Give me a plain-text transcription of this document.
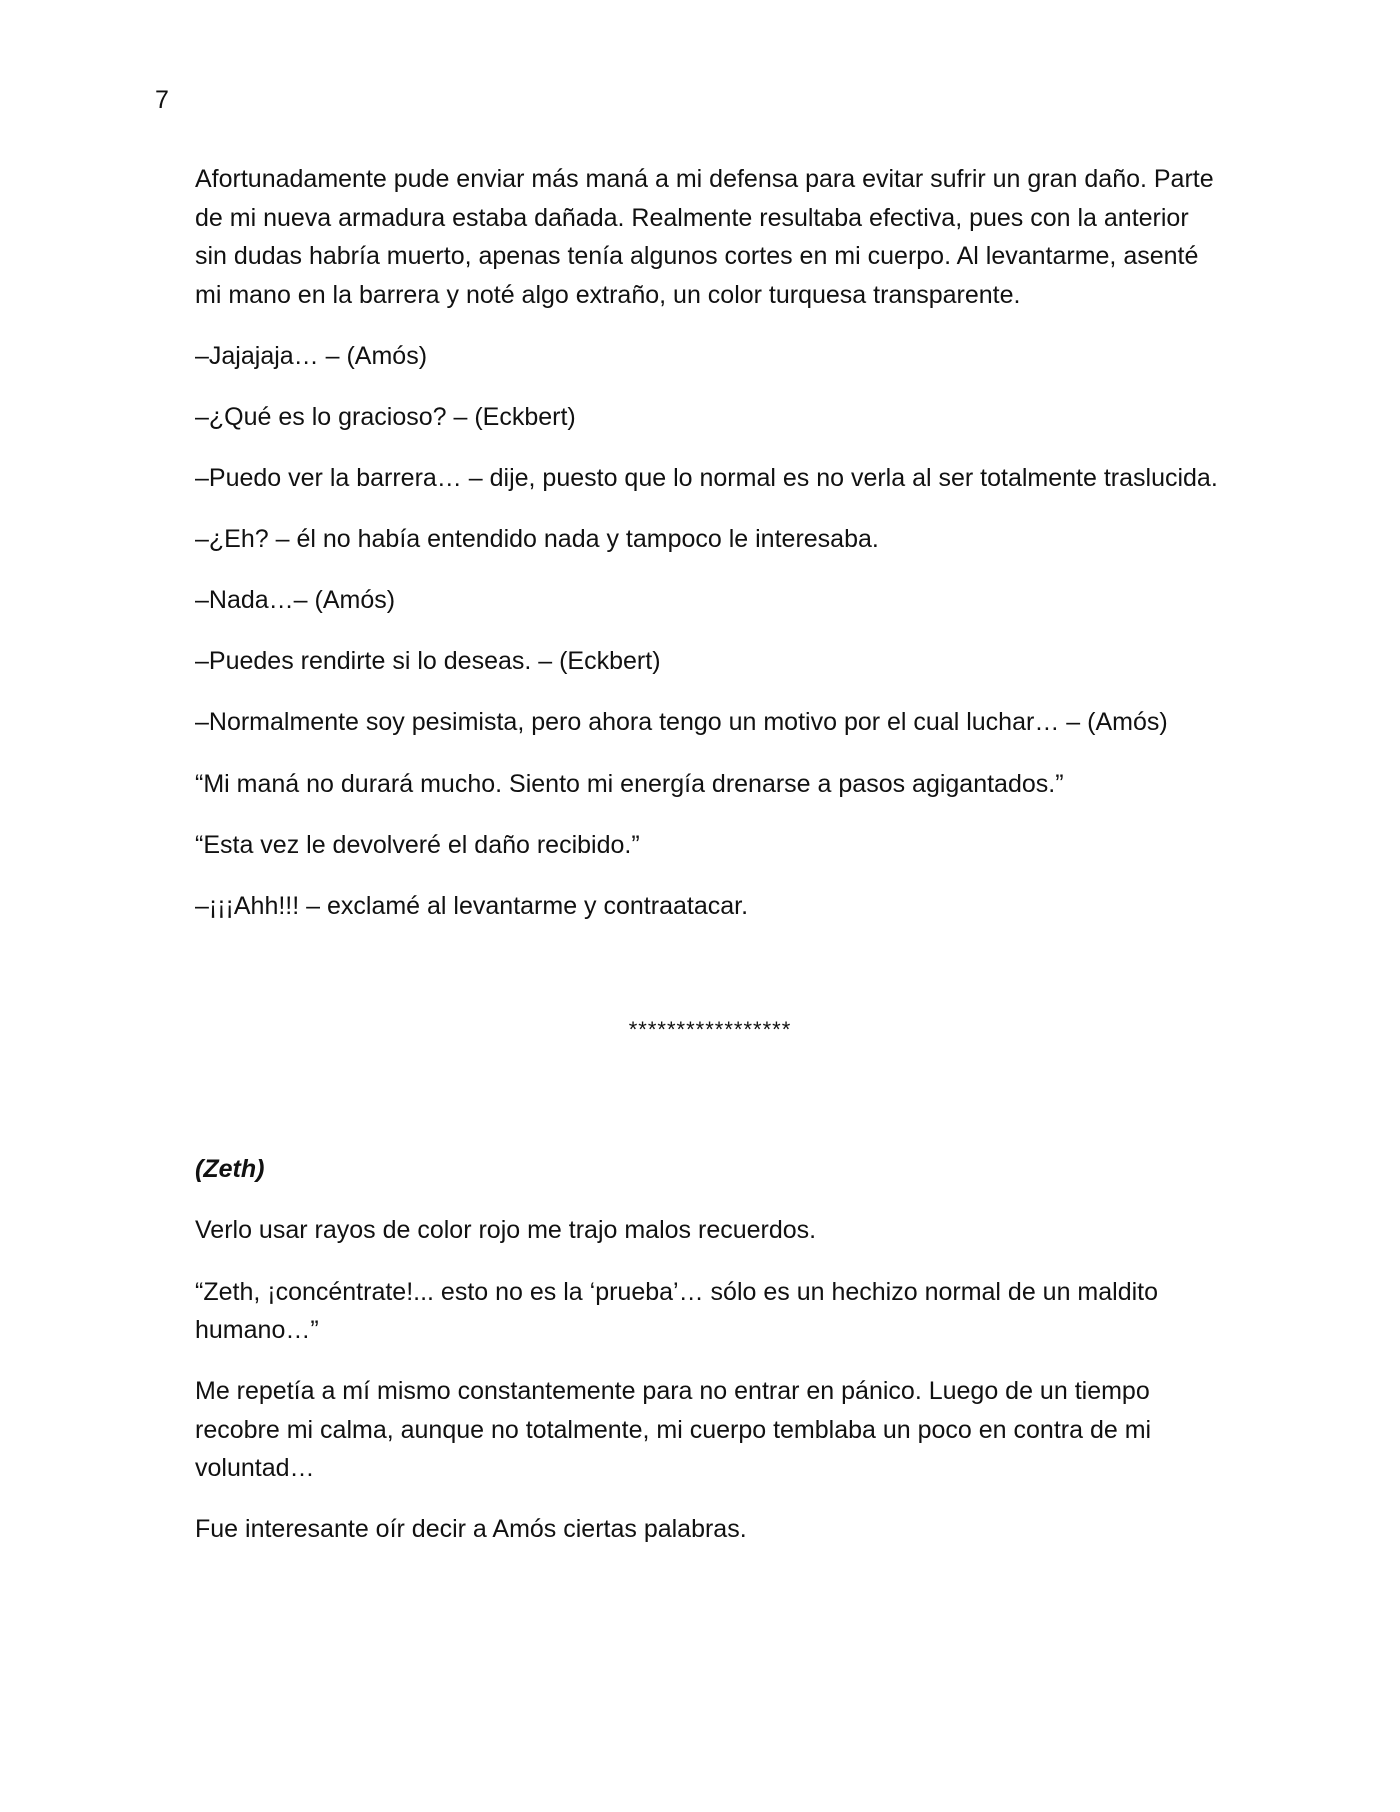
7

Afortunadamente pude enviar más maná a mi defensa para evitar sufrir un gran daño. Parte de mi nueva armadura estaba dañada. Realmente resultaba efectiva, pues con la anterior sin dudas habría muerto, apenas tenía algunos cortes en mi cuerpo. Al levantarme, asenté mi mano en la barrera y noté algo extraño, un color turquesa transparente.

–Jajajaja… – (Amós)

–¿Qué es lo gracioso? – (Eckbert)

–Puedo ver la barrera… – dije, puesto que lo normal es no verla al ser totalmente traslucida.

–¿Eh? – él no había entendido nada y tampoco le interesaba.

–Nada…– (Amós)

–Puedes rendirte si lo deseas. – (Eckbert)

–Normalmente soy pesimista, pero ahora tengo un motivo por el cual luchar… – (Amós)

“Mi maná no durará mucho. Siento mi energía drenarse a pasos agigantados.”

“Esta vez le devolveré el daño recibido.”

–¡¡¡Ahh!!! – exclamé al levantarme y contraatacar.

*****************

(Zeth)

Verlo usar rayos de color rojo me trajo malos recuerdos.

“Zeth, ¡concéntrate!... esto no es la ‘prueba’… sólo es un hechizo normal de un maldito humano…”

Me repetía a mí mismo constantemente para no entrar en pánico. Luego de un tiempo recobre mi calma, aunque no totalmente, mi cuerpo temblaba un poco en contra de mi voluntad…

Fue interesante oír decir a Amós ciertas palabras.
